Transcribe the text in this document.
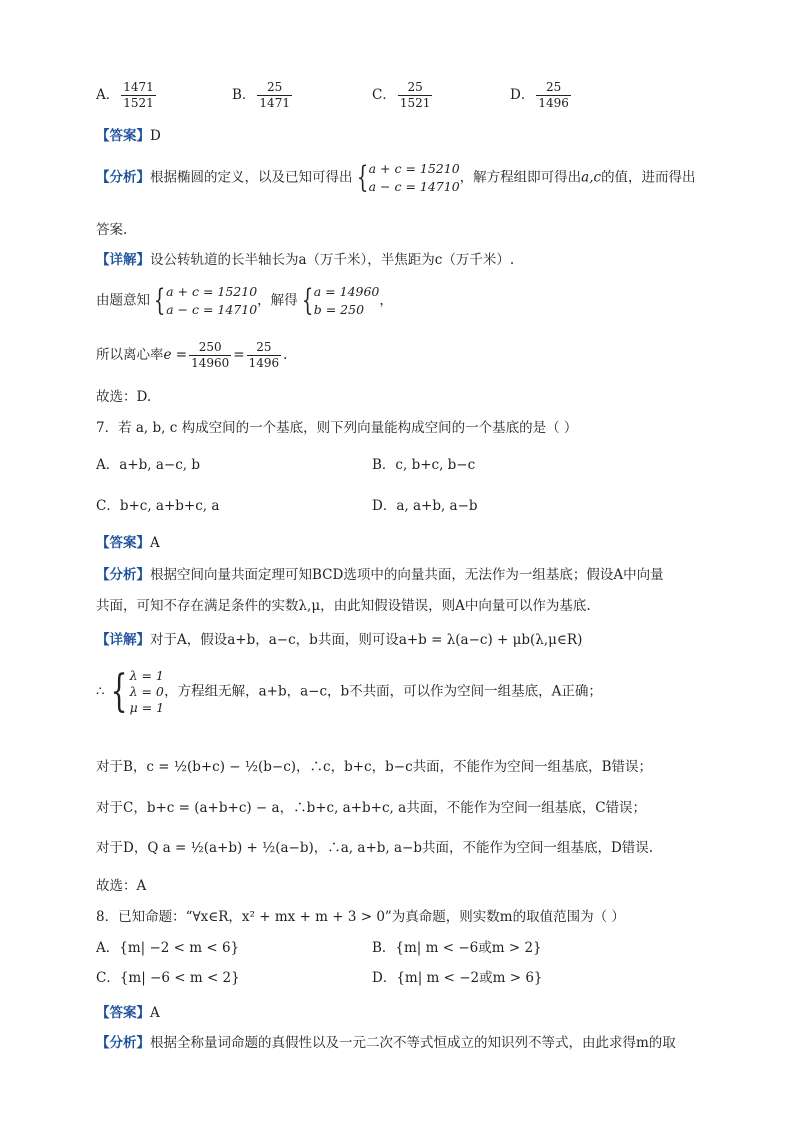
A． $\frac{1471}{1521}$	B． $\frac{25}{1471}$	C． $\frac{25}{1521}$	D． $\frac{25}{1496}$
【答案】D
【分析】根据椭圆的定义，以及已知可得出 { a + c = 15210
a − c = 14710
，解方程组即可得出a,c的值，进而得出
答案.
【详解】设公转轨道的长半轴长为a（万千米），半焦距为c（万千米）.
由题意知 { a + c = 15210
a − c = 14710
，解得 { a = 14960
b = 250
，
所以离心率$e = \frac{250}{14960} = \frac{25}{1496}$ .
故选：D.
7．若 a, b, c 构成空间的一个基底，则下列向量能构成空间的一个基底的是（ ）
A．a+b, a−c, b	B．c, b+c, b−c
C．b+c, a+b+c, a	D．a, a+b, a−b
【答案】A
【分析】根据空间向量共面定理可知BCD选项中的向量共面，无法作为一组基底；假设A中向量
共面，可知不存在满足条件的实数λ,μ，由此知假设错误，则A中向量可以作为基底.
【详解】对于A，假设a+b，a−c，b共面，则可设a+b = λ(a−c) + μb(λ,μ∈R)
∴ { λ = 1
λ = 0
μ = 1
，方程组无解，a+b，a−c，b不共面，可以作为空间一组基底，A正确；
对于B，c = ½(b+c) − ½(b−c)，∴c，b+c，b−c共面，不能作为空间一组基底，B错误；
对于C，b+c = (a+b+c) − a，∴b+c, a+b+c, a共面，不能作为空间一组基底，C错误；
对于D，Q a = ½(a+b) + ½(a−b)，∴a, a+b, a−b共面，不能作为空间一组基底，D错误.
故选：A
8．已知命题：“∀x∈R，x² + mx + m + 3 > 0”为真命题，则实数m的取值范围为（ ）
A．{m| −2 < m < 6}	B．{m| m < −6或m > 2}
C．{m| −6 < m < 2}	D．{m| m < −2或m > 6}
【答案】A
【分析】根据全称量词命题的真假性以及一元二次不等式恒成立的知识列不等式，由此求得m的取
